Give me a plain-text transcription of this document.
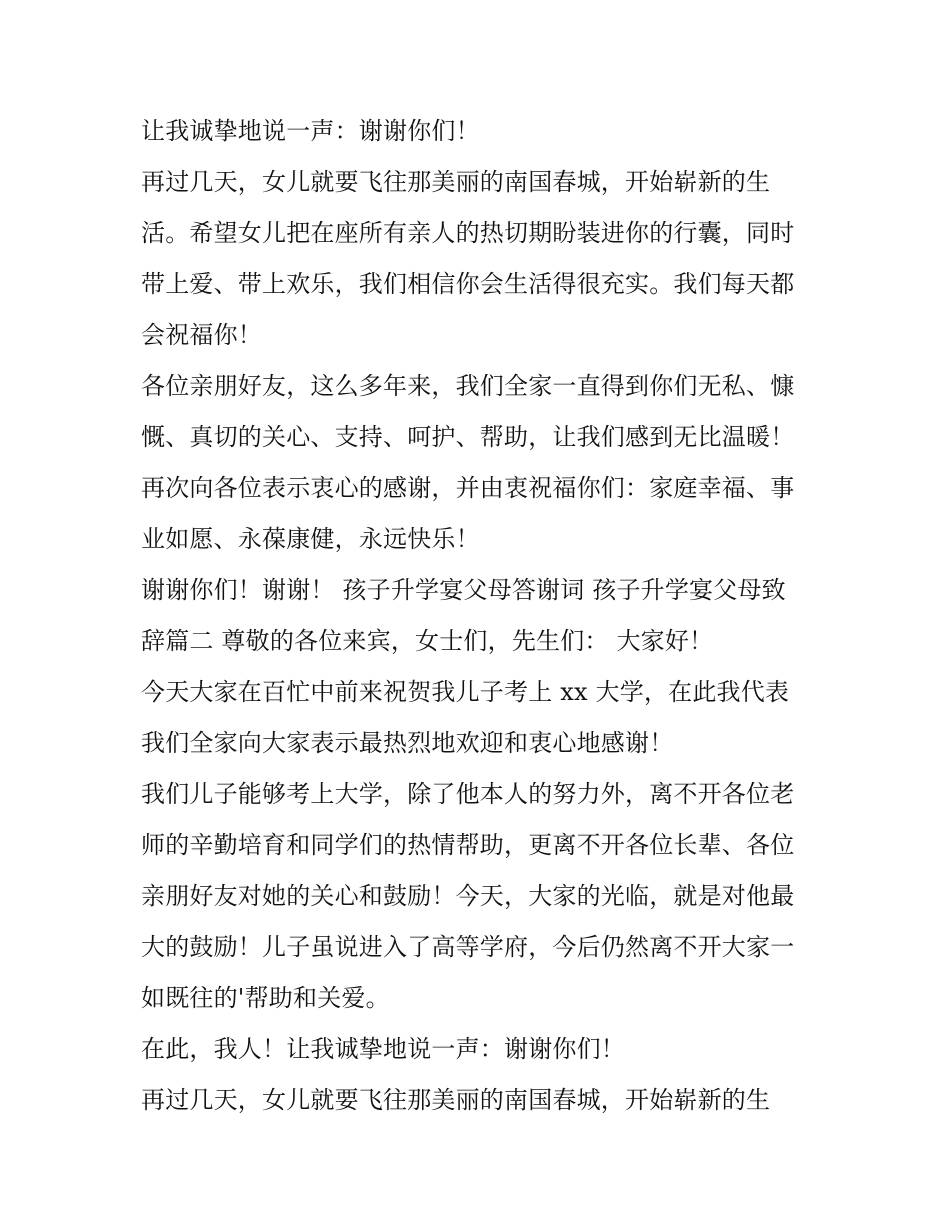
让我诚挚地说一声：谢谢你们！
再过几天，女儿就要飞往那美丽的南国春城，开始崭新的生
活。希望女儿把在座所有亲人的热切期盼装进你的行囊，同时
带上爱、带上欢乐，我们相信你会生活得很充实。我们每天都
会祝福你！
各位亲朋好友，这么多年来，我们全家一直得到你们无私、慷
慨、真切的关心、支持、呵护、帮助，让我们感到无比温暖！
再次向各位表示衷心的感谢，并由衷祝福你们：家庭幸福、事
业如愿、永葆康健，永远快乐！
谢谢你们！谢谢！ 孩子升学宴父母答谢词 孩子升学宴父母致
辞篇二 尊敬的各位来宾，女士们，先生们： 大家好！
今天大家在百忙中前来祝贺我儿子考上 xx 大学，在此我代表
我们全家向大家表示最热烈地欢迎和衷心地感谢！
我们儿子能够考上大学，除了他本人的努力外，离不开各位老
师的辛勤培育和同学们的热情帮助，更离不开各位长辈、各位
亲朋好友对她的关心和鼓励！今天，大家的光临，就是对他最
大的鼓励！儿子虽说进入了高等学府，今后仍然离不开大家一
如既往的'帮助和关爱。
在此，我人！让我诚挚地说一声：谢谢你们！
再过几天，女儿就要飞往那美丽的南国春城，开始崭新的生
